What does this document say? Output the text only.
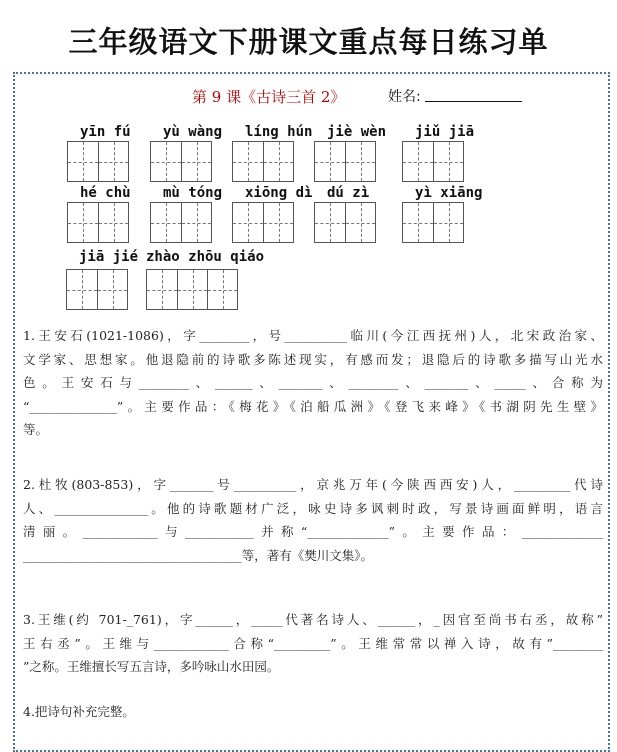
三年级语文下册课文重点每日练习单
第 9 课《古诗三首 2》	姓名:
yīn fú yù wàng líng hún jiè wèn jiǔ jiā
hé chù mù tóng xiōng dì dú zì	yì xiāng
jiā jié zhào zhōu qiáo
1.王安石(1021-1086)，字________，号__________临川(今江西抚州)人，北宋政治家、
文学家、思想家。他退隐前的诗歌多陈述现实，有感而发；退隐后的诗歌多描写山光水
色。王安石与________、______、_______、________、_______、_____、合称为
“______________”。主要作品：《梅花》《泊船瓜洲》《登飞来峰》《书湖阴先生壁》
等。
2.杜牧(803-853)，字_______号__________，京兆万年(今陕西西安)人，_________代诗
人、_______________。他的诗歌题材广泛，咏史诗多讽刺时政，写景诗画面鲜明，语言
清丽。____________与___________并称“_____________”。主要作品：_____________
___________________________________等，著有《樊川文集》。
3.王维(约 701-_761)，字______，_____代著名诗人、______，_因官至尚书右丞，故称”
王右丞”。王维与____________合称“_________”。王维常常以禅入诗，故有”________
”之称。王维擅长写五言诗，多吟咏山水田园。
4.把诗句补充完整。
